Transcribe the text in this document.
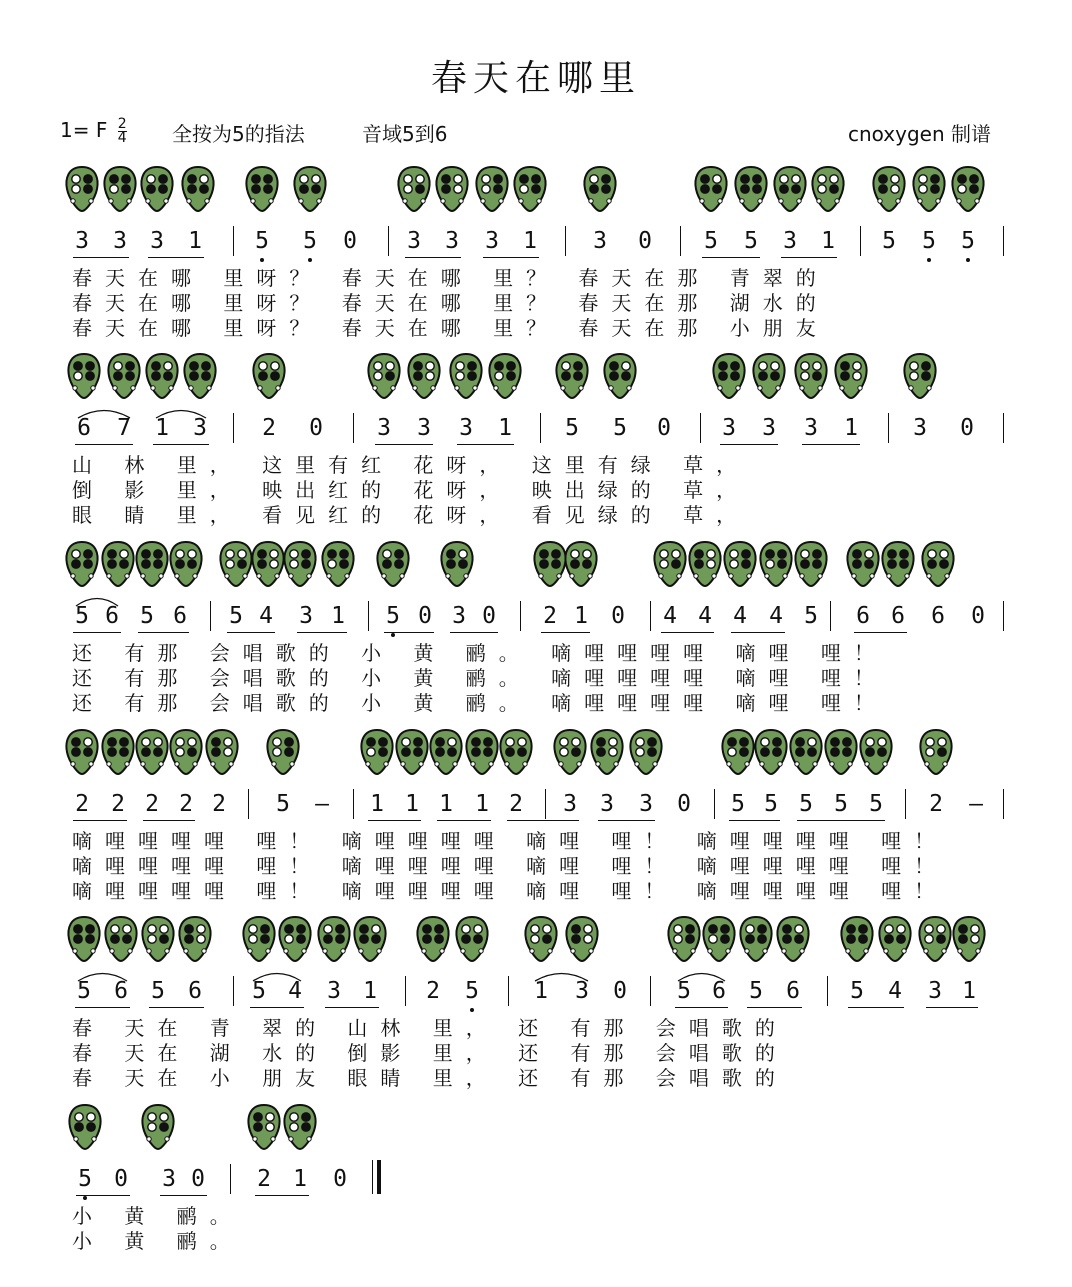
春天在哪里
1= F $\frac{2}{4}$ 全按为5的指法	音域5到6	cnoxygen 制谱
3 3 3 1 5 5 0 3 3 3 1 3 0 5 5 3 1 5 5 5
春天在哪 里呀？ 春天在哪 里？ 春天在那 青翠的
春天在哪 里呀？ 春天在哪 里？ 春天在那 湖水的
春天在哪 里呀？ 春天在哪 里？ 春天在那 小朋友
6 7 1 3 2 0 3 3 3 1 5 5 0 3 3 3 1 3 0
山 林 里， 这里有红 花呀， 这里有绿 草，
倒 影 里， 映出红的 花呀， 映出绿的 草，
眼 睛 里， 看见红的 花呀， 看见绿的 草，
5 6 5 6 5 4 3 1 5 0 3 0 2 1 0 4 4 4 4 5 6 6 6 0
还 有那 会唱歌的 小 黄 鹂。 嘀哩哩哩哩 嘀哩 哩！
还 有那 会唱歌的 小 黄 鹂。 嘀哩哩哩哩 嘀哩 哩！
还 有那 会唱歌的 小 黄 鹂。 嘀哩哩哩哩 嘀哩 哩！
2 2 2 2 2 5 — 1 1 1 1 2 3 3 3 0 5 5 5 5 5 2 —
嘀哩哩哩哩 哩！ 嘀哩哩哩哩 嘀哩 哩！ 嘀哩哩哩哩 哩！
嘀哩哩哩哩 哩！ 嘀哩哩哩哩 嘀哩 哩！ 嘀哩哩哩哩 哩！
嘀哩哩哩哩 哩！ 嘀哩哩哩哩 嘀哩 哩！ 嘀哩哩哩哩 哩！
5 6 5 6 5 4 3 1 2 5 1 3 0 5 6 5 6 5 4 3 1
春 天在 青 翠的 山林 里， 还 有那 会唱歌的
春 天在 湖 水的 倒影 里， 还 有那 会唱歌的
春 天在 小 朋友 眼睛 里， 还 有那 会唱歌的
5 0 3 0 2 1 0
小 黄 鹂。
小 黄 鹂。
